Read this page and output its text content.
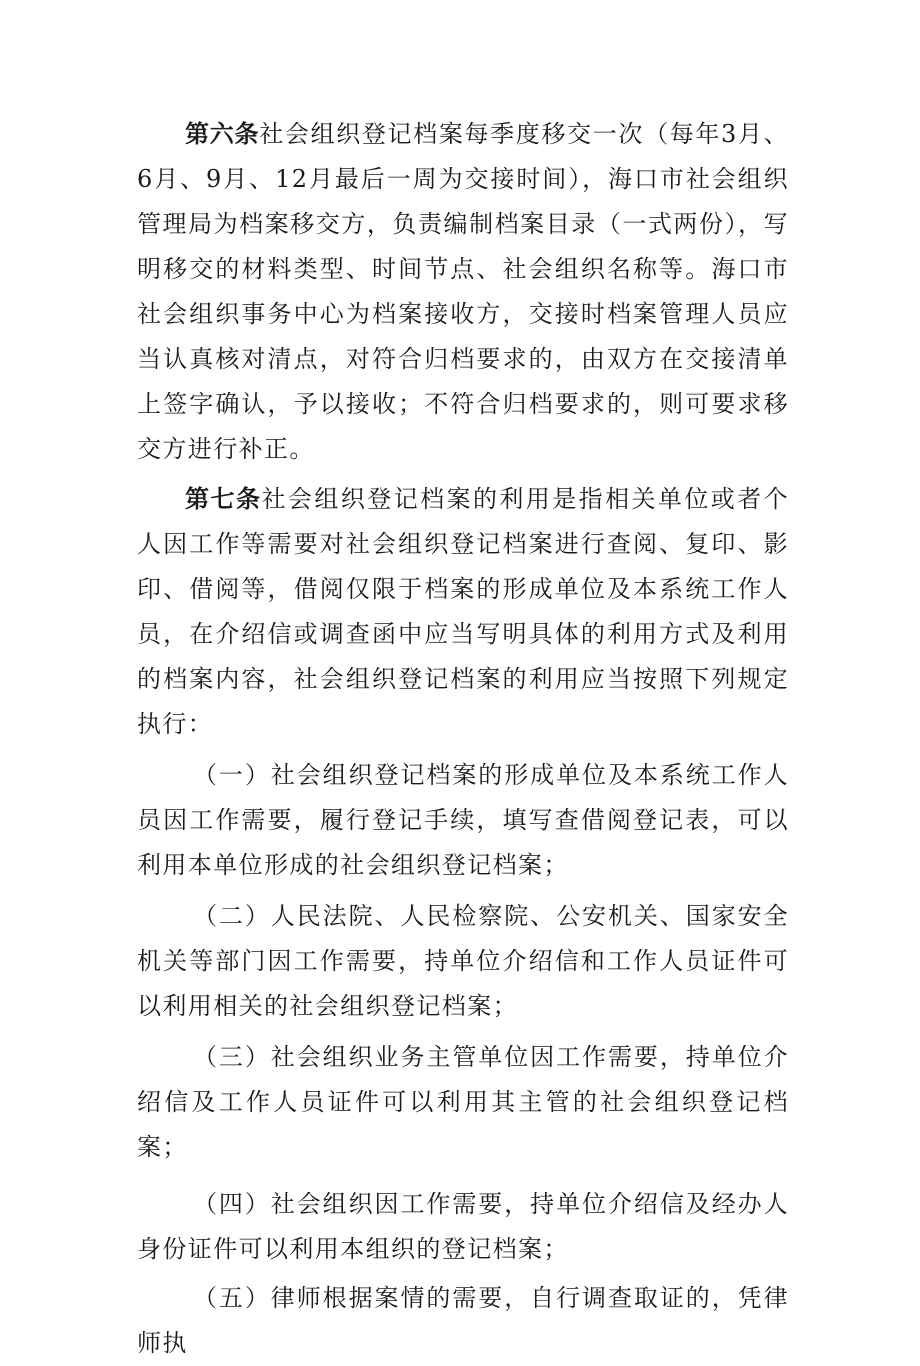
第六条社会组织登记档案每季度移交一次（每年3月、6月、9月、12月最后一周为交接时间），海口市社会组织管理局为档案移交方，负责编制档案目录（一式两份），写明移交的材料类型、时间节点、社会组织名称等。海口市社会组织事务中心为档案接收方，交接时档案管理人员应当认真核对清点，对符合归档要求的，由双方在交接清单上签字确认，予以接收；不符合归档要求的，则可要求移交方进行补正。

第七条社会组织登记档案的利用是指相关单位或者个人因工作等需要对社会组织登记档案进行查阅、复印、影印、借阅等，借阅仅限于档案的形成单位及本系统工作人员，在介绍信或调查函中应当写明具体的利用方式及利用的档案内容，社会组织登记档案的利用应当按照下列规定执行：

（一）社会组织登记档案的形成单位及本系统工作人员因工作需要，履行登记手续，填写查借阅登记表，可以利用本单位形成的社会组织登记档案；

（二）人民法院、人民检察院、公安机关、国家安全机关等部门因工作需要，持单位介绍信和工作人员证件可以利用相关的社会组织登记档案；

（三）社会组织业务主管单位因工作需要，持单位介绍信及工作人员证件可以利用其主管的社会组织登记档案；

（四）社会组织因工作需要，持单位介绍信及经办人身份证件可以利用本组织的登记档案；

（五）律师根据案情的需要，自行调查取证的，凭律师执
